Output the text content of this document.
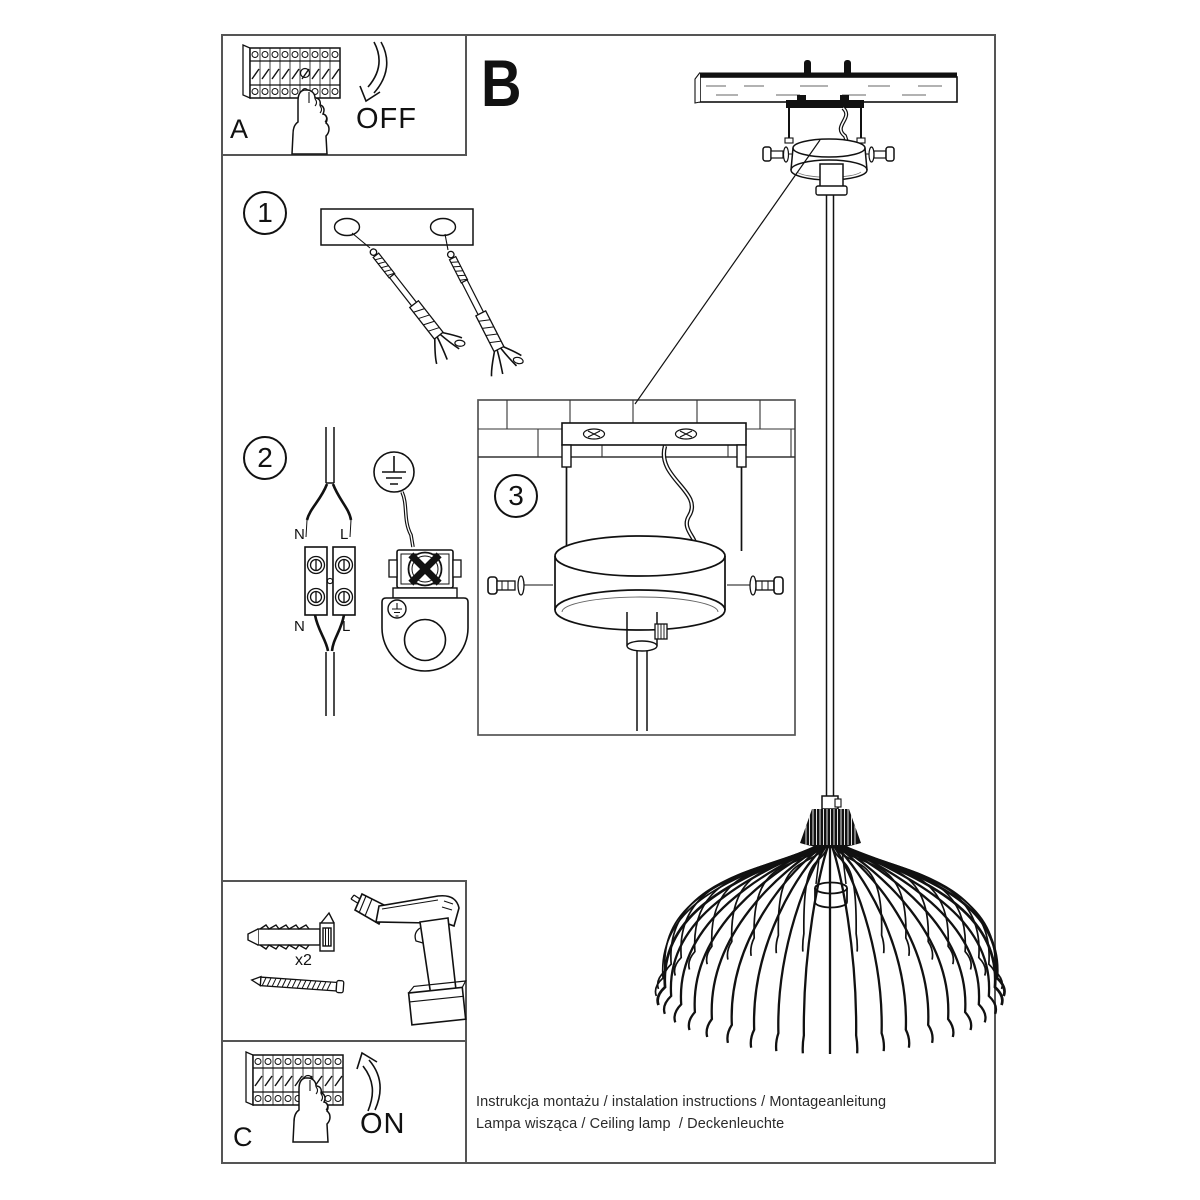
A
B
OFF
C	ON
1
2
3
N L
N L
x2
Instrukcja montażu / instalation instructions / Montageanleitung
Lampa wisząca / Ceiling lamp  / Deckenleuchte
